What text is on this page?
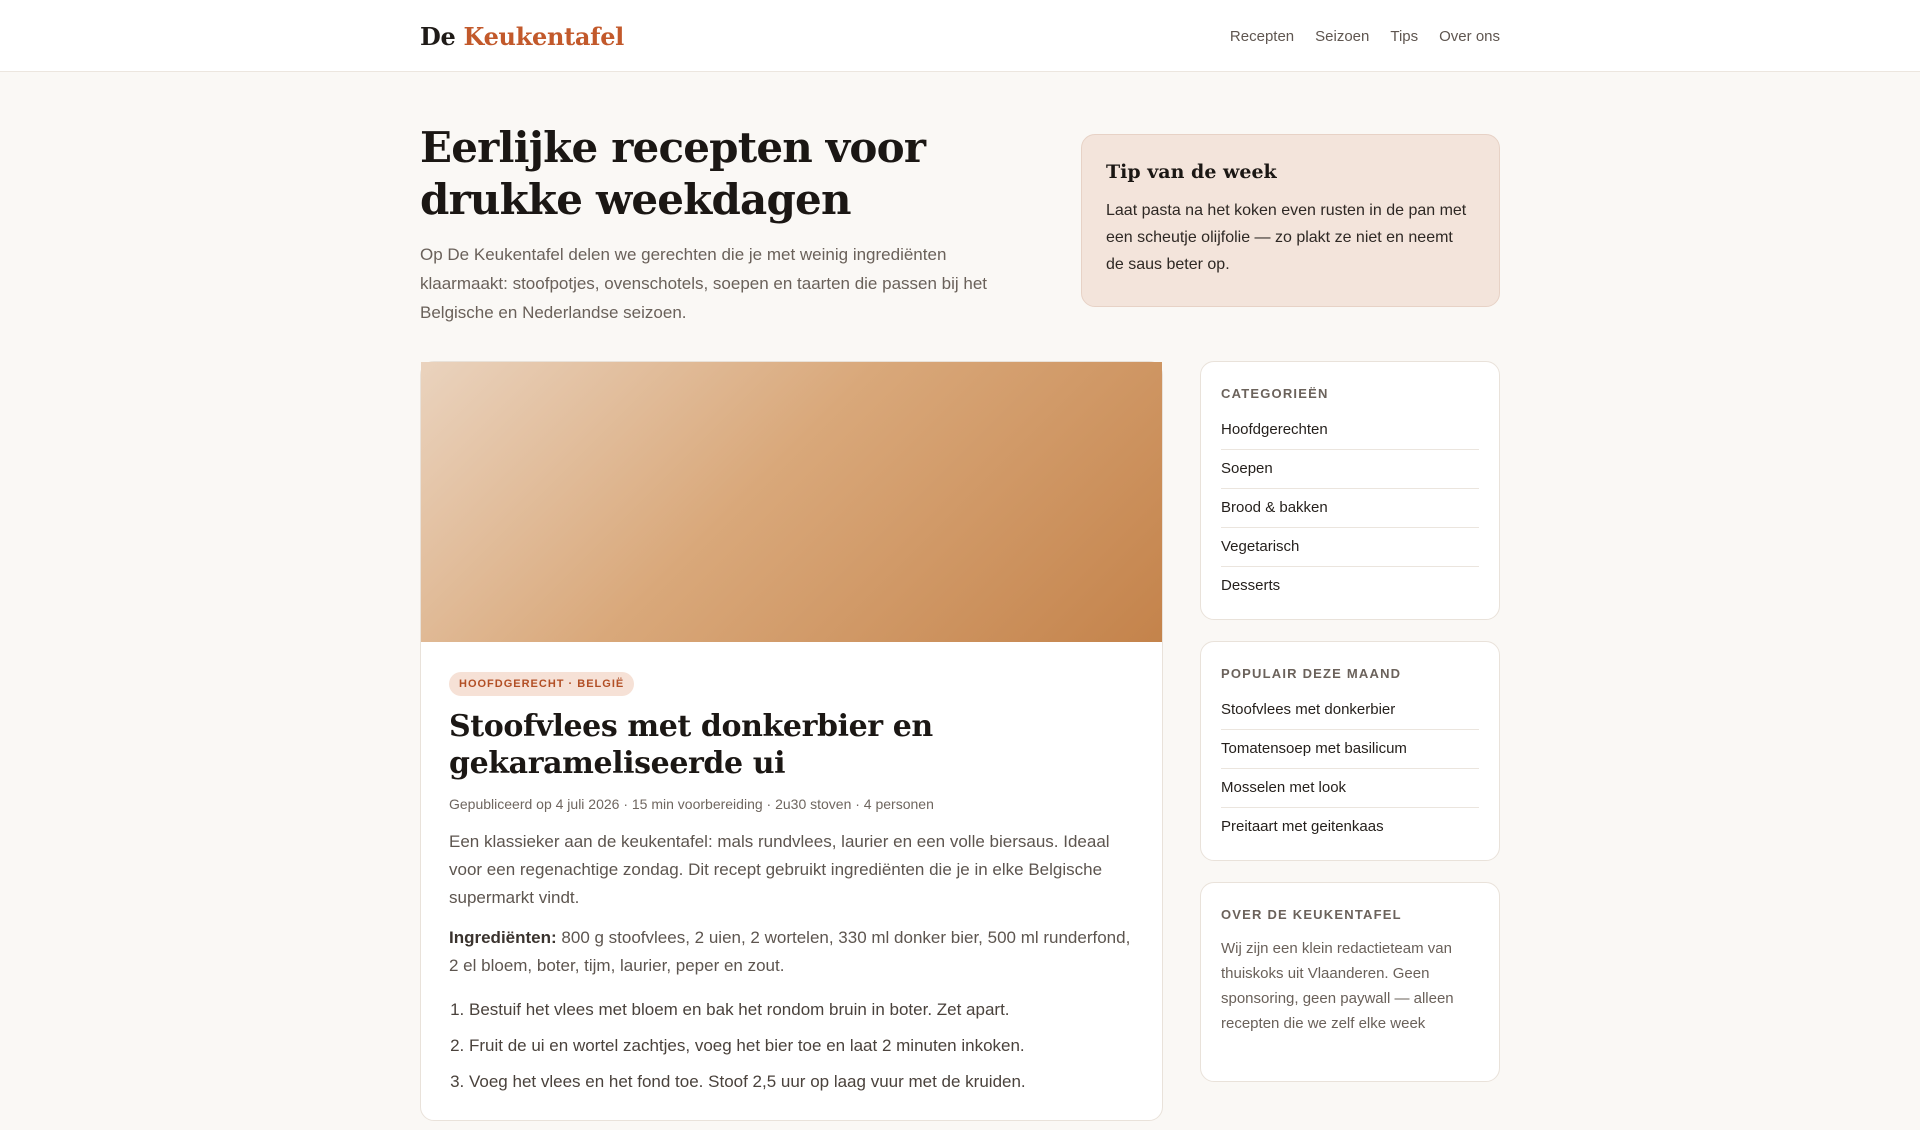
De Keukentafel	Recepten Seizoen Tips Over ons
Eerlijke recepten voor drukke weekdagen

Op De Keukentafel delen we gerechten die je met weinig ingrediënten klaarmaakt: stoofpotjes, ovenschotels, soepen en taarten die passen bij het Belgische en Nederlandse seizoen.

Tip van de week

Laat pasta na het koken even rusten in de pan met een scheutje olijfolie — zo plakt ze niet en neemt de saus beter op.

HOOFDGERECHT · BELGIË
Stoofvlees met donkerbier en gekarameliseerde ui

Gepubliceerd op 4 juli 2026 · 15 min voorbereiding · 2u30 stoven · 4 personen

Een klassieker aan de keukentafel: mals rundvlees, laurier en een volle biersaus. Ideaal voor een regenachtige zondag. Dit recept gebruikt ingrediënten die je in elke Belgische supermarkt vindt.

Ingrediënten: 800 g stoofvlees, 2 uien, 2 wortelen, 330 ml donker bier, 500 ml runderfond, 2 el bloem, boter, tijm, laurier, peper en zout.

1. Bestuif het vlees met bloem en bak het rondom bruin in boter. Zet apart.
2. Fruit de ui en wortel zachtjes, voeg het bier toe en laat 2 minuten inkoken.
3. Voeg het vlees en het fond toe. Stoof 2,5 uur op laag vuur met de kruiden.
CATEGORIEËN
Hoofdgerechten
Soepen
Brood & bakken
Vegetarisch
Desserts
POPULAIR DEZE MAAND
Stoofvlees met donkerbier
Tomatensoep met basilicum
Mosselen met look
Preitaart met geitenkaas
OVER DE KEUKENTAFEL

Wij zijn een klein redactieteam van thuiskoks uit Vlaanderen. Geen sponsoring, geen paywall — alleen recepten die we zelf elke week
